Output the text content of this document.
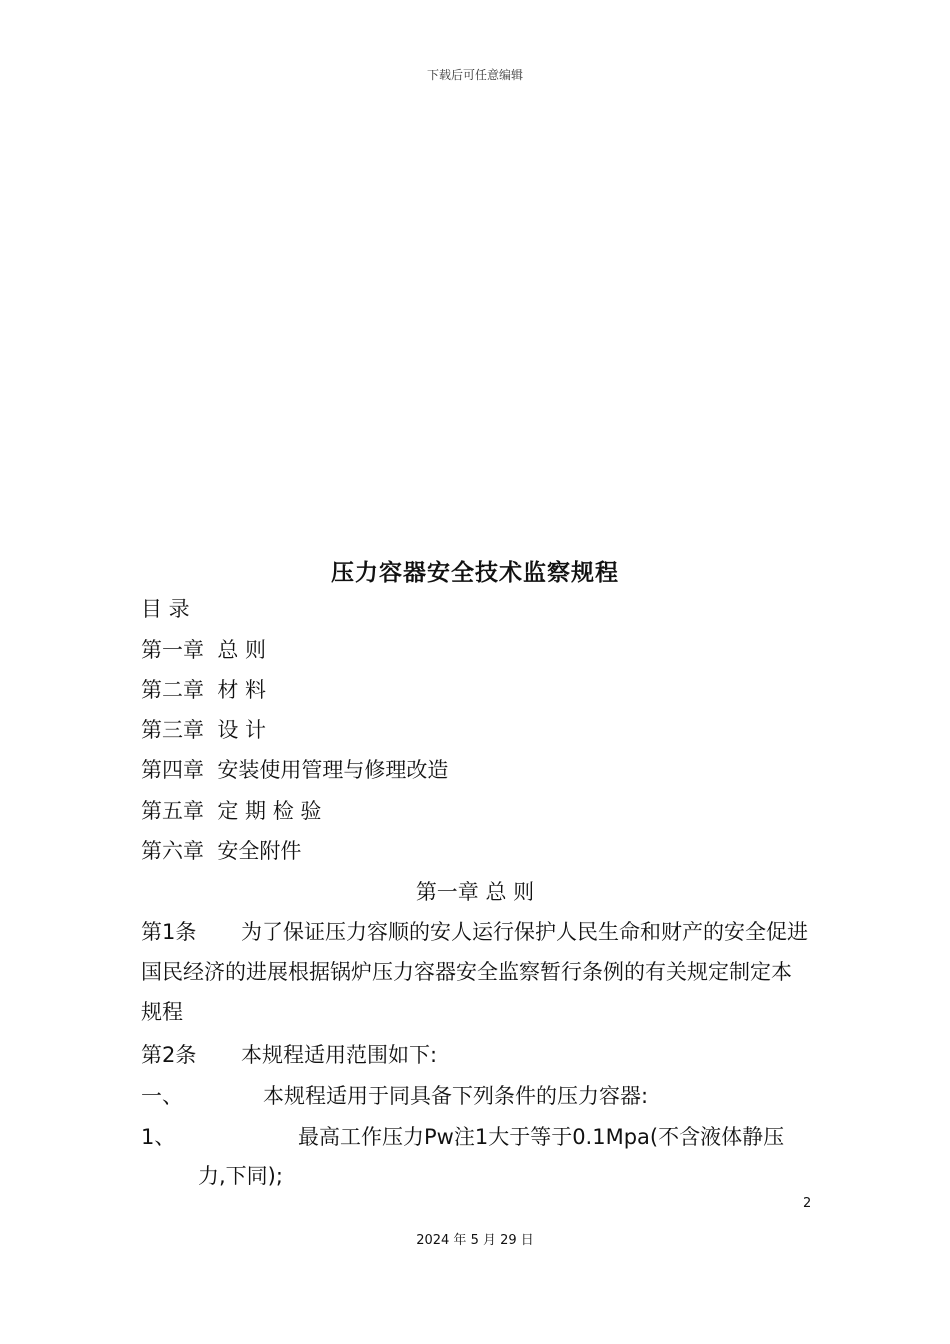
下载后可任意编辑
压力容器安全技术监察规程
目 录
第一章 总 则
第二章 材 料
第三章 设 计
第四章 安装使用管理与修理改造
第五章 定 期 检 验
第六章 安全附件
第一章 总 则
第1条 为了保证压力容顺的安人运行保护人民生命和财产的安全促进国民经济的进展根据锅炉压力容器安全监察暂行条例的有关规定制定本规程
第2条 本规程适用范围如下:
一、	本规程适用于同具备下列条件的压力容器:
1、	最高工作压力Pw注1大于等于0.1Mpa(不含液体静压
力,下同);
2
2024 年 5 月 29 日
